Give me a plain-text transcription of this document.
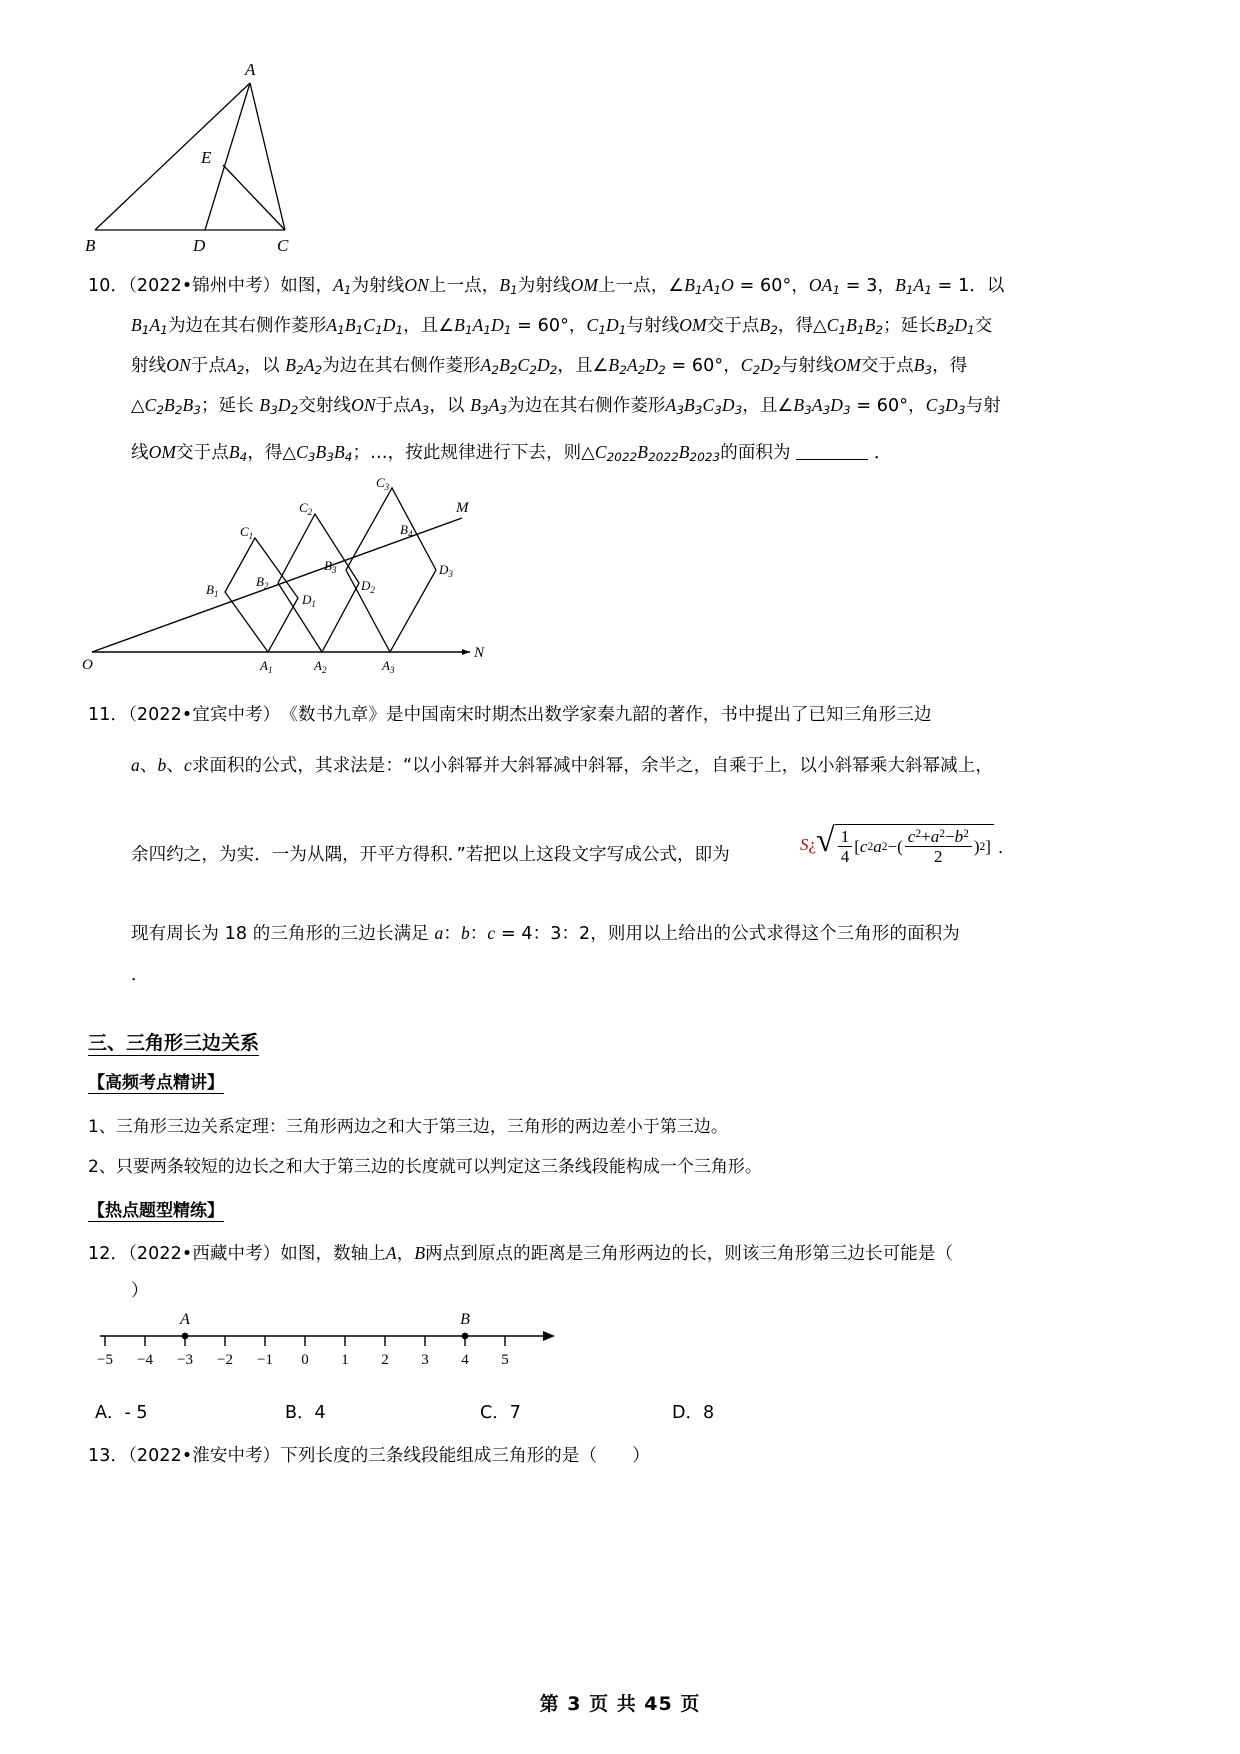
A
E
B	D	C
10．（2022•锦州中考）如图，$A_1$为射线ON上一点，$B_1$为射线OM上一点，$\angle B_1A_1O = 60^\circ$，$OA_1 = 3$，$B_1A_1 = 1$．以
$B_1A_1$为边在其右侧作菱形$A_1B_1C_1D_1$，且$\angle B_1A_1D_1 = 60^\circ$，$C_1D_1$与射线OM交于点$B_2$，得$\triangle C_1B_1B_2$；延长$B_2D_1$交
射线ON于点$A_2$，以 $B_2A_2$为边在其右侧作菱形$A_2B_2C_2D_2$，且$\angle B_2A_2D_2 = 60^\circ$，$C_2D_2$与射线OM交于点$B_3$，得
$\triangle C_2B_2B_3$；延长 $B_3D_2$交射线ON于点$A_3$，以 $B_3A_3$为边在其右侧作菱形$A_3B_3C_3D_3$，且$\angle B_3A_3D_3 = 60^\circ$，$C_3D_3$与射
线OM交于点$B_4$，得$\triangle C_3B_3B_4$；…，按此规律进行下去，则$\triangle C_{2022}B_{2022}B_{2023}$的面积为	．
O
N
M
$A_1$	$A_2$	$A_3$
$B_1$
$B_2$
$B_3$
$B_4$
$C_1$
$C_2$
$C_3$
$D_1$
$D_2$
$D_3$
11．（2022•宜宾中考）　 《数书九章》是中国南宋时期杰出数学家秦九韶的著作，书中提出了已知三角形三边
a、b、c求面积的公式，其求法是：“以小斜幂并大斜幂减中斜幂，余半之，自乘于上，以小斜幂乘大斜幂减上，
余四约之，为实．一为从隅，开平方得积．”若把以上这段文字写成公式，即为
S ¿ √ $\frac{1}{4}$ [ c 2 a 2 − ( $\frac{c^2+a^2-b^2}{2}$ ) 2 ] ．
现有周长为 18 的三角形的三边长满足 a：b：c = 4：3：2，则用以上给出的公式求得这个三角形的面积为
．
三、三角形三边关系
【高频考点精讲】
1、三角形三边关系定理：三角形两边之和大于第三边，三角形的两边差小于第三边。
2、只要两条较短的边长之和大于第三边的长度就可以判定这三条线段能构成一个三角形。
【热点题型精练】
12．（2022•西藏中考）如图，数轴上A，B两点到原点的距离是三角形两边的长，则该三角形第三边长可能是（
）
−5 −4 −3 −2 −1 0 1 2 3 4 5
A	B
A．- 5	B．4	C．7	D．8
13．（2022•淮安中考）下列长度的三条线段能组成三角形的是（　　）
第 3 页 共 45 页
